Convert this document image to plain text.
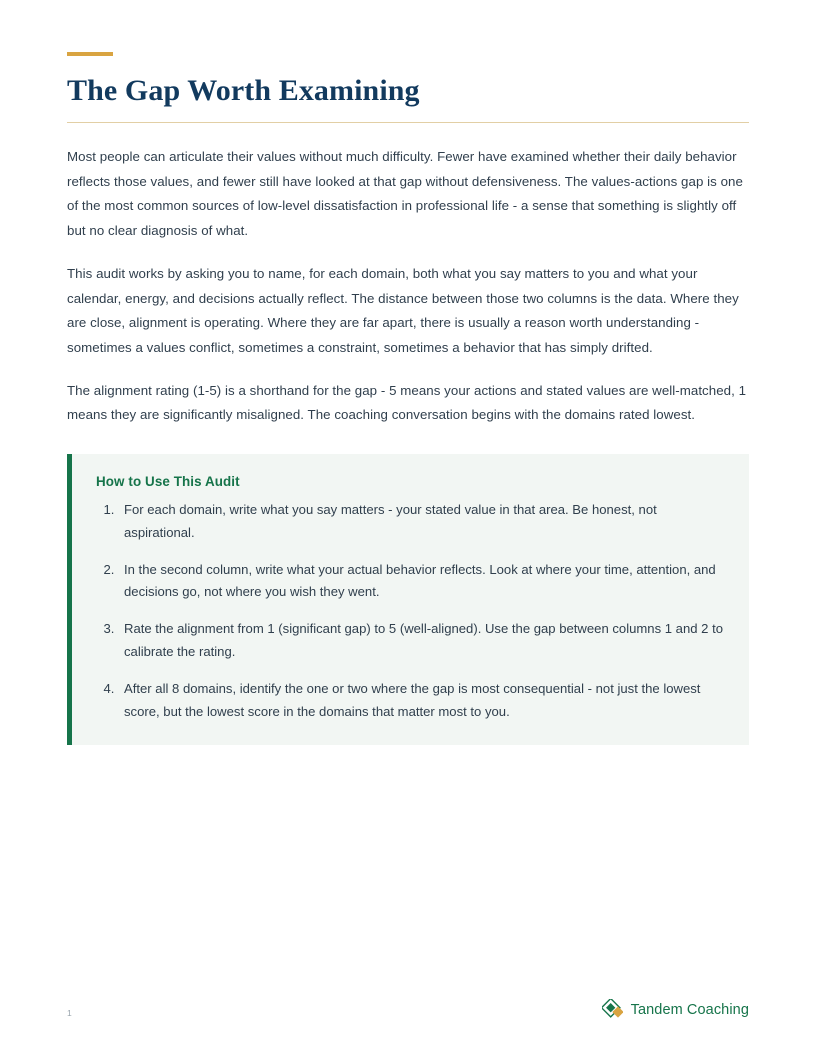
The Gap Worth Examining

Most people can articulate their values without much difficulty. Fewer have examined whether their daily behavior reflects those values, and fewer still have looked at that gap without defensiveness. The values-actions gap is one of the most common sources of low-level dissatisfaction in professional life - a sense that something is slightly off but no clear diagnosis of what.

This audit works by asking you to name, for each domain, both what you say matters to you and what your calendar, energy, and decisions actually reflect. The distance between those two columns is the data. Where they are close, alignment is operating. Where they are far apart, there is usually a reason worth understanding - sometimes a values conflict, sometimes a constraint, sometimes a behavior that has simply drifted.

The alignment rating (1-5) is a shorthand for the gap - 5 means your actions and stated values are well-matched, 1 means they are significantly misaligned. The coaching conversation begins with the domains rated lowest.

How to Use This Audit
1. For each domain, write what you say matters - your stated value in that area. Be honest, not aspirational.
2. In the second column, write what your actual behavior reflects. Look at where your time, attention, and decisions go, not where you wish they went.
3. Rate the alignment from 1 (significant gap) to 5 (well-aligned). Use the gap between columns 1 and 2 to calibrate the rating.
4. After all 8 domains, identify the one or two where the gap is most consequential - not just the lowest score, but the lowest score in the domains that matter most to you.
1	Tandem Coaching
